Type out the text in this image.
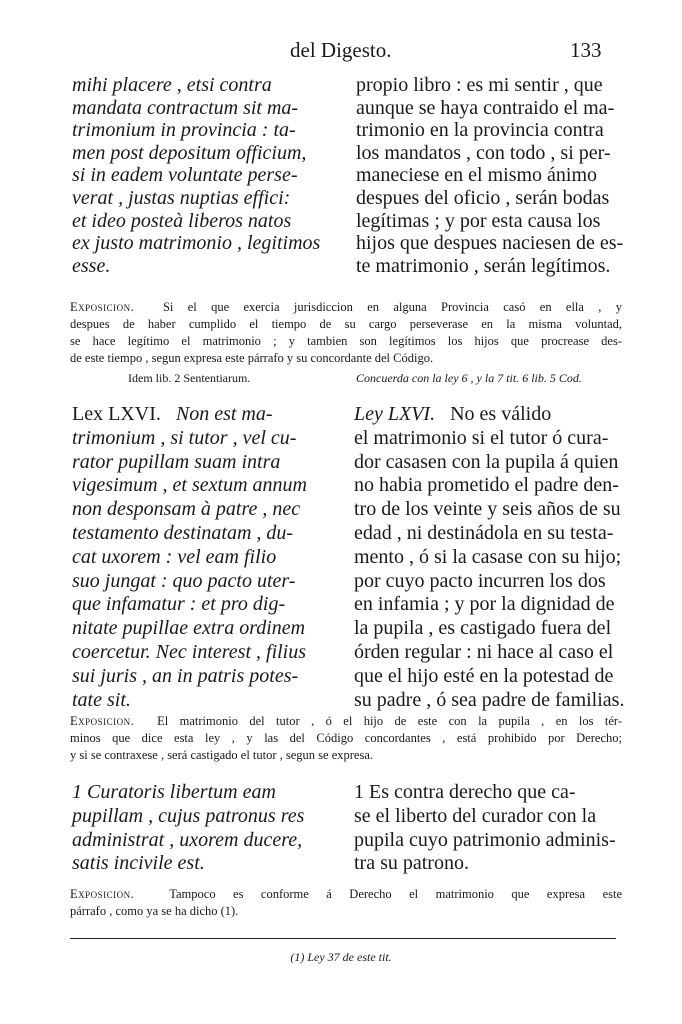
del Digesto.	133
mihi placere , etsi contra
mandata contractum sit ma-
trimonium in provincia : ta-
men post depositum officium,
si in eadem voluntate perse-
verat , justas nuptias effici:
et ideo posteà liberos natos
ex justo matrimonio , legitimos
esse.
propio libro : es mi sentir , que
aunque se haya contraido el ma-
trimonio en la provincia contra
los mandatos , con todo , si per-
maneciese en el mismo ánimo
despues del oficio , serán bodas
legítimas ; y por esta causa los
hijos que despues naciesen de es-
te matrimonio , serán legítimos.
Exposicion. Si el que exercia jurisdiccion en alguna Provincia casó en ella , y
despues de haber cumplido el tiempo de su cargo perseverase en la misma voluntad,
se hace legítimo el matrimonio ; y tambien son legítimos los hijos que procrease des-
de este tiempo , segun expresa este párrafo y su concordante del Código.
Idem lib. 2 Sententiarum.	Concuerda con la ley 6 , y la 7 tit. 6 lib. 5 Cod.
Lex LXVI. Non est ma-
trimonium , si tutor , vel cu-
rator pupillam suam intra
vigesimum , et sextum annum
non desponsam à patre , nec
testamento destinatam , du-
cat uxorem : vel eam filio
suo jungat : quo pacto uter-
que infamatur : et pro dig-
nitate pupillae extra ordinem
coercetur. Nec interest , filius
sui juris , an in patris potes-
tate sit.
Ley LXVI. No es válido
el matrimonio si el tutor ó cura-
dor casasen con la pupila á quien
no habia prometido el padre den-
tro de los veinte y seis años de su
edad , ni destinádola en su testa-
mento , ó si la casase con su hijo;
por cuyo pacto incurren los dos
en infamia ; y por la dignidad de
la pupila , es castigado fuera del
órden regular : ni hace al caso el
que el hijo esté en la potestad de
su padre , ó sea padre de familias.
Exposicion. El matrimonio del tutor , ó el hijo de este con la pupila , en los tér-
minos que dice esta ley , y las del Código concordantes , está prohibido por Derecho;
y si se contraxese , será castigado el tutor , segun se expresa.
1 Curatoris libertum eam
pupillam , cujus patronus res
administrat , uxorem ducere,
satis incivile est.
1 Es contra derecho que ca-
se el liberto del curador con la
pupila cuyo patrimonio adminis-
tra su patrono.
Exposicion.	Tampoco es conforme á Derecho el matrimonio que expresa este
párrafo , como ya se ha dicho (1).
(1) Ley 37 de este tit.
